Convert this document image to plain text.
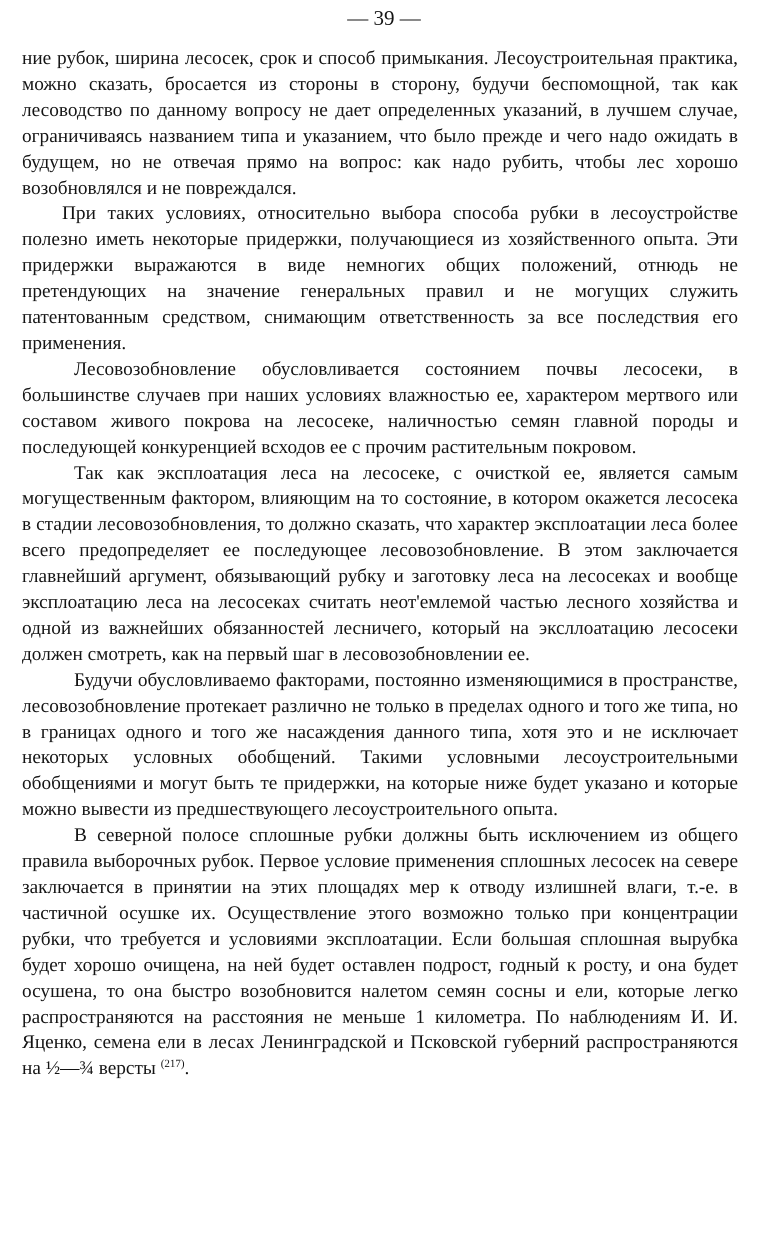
— 39 —

ние рубок, ширина лесосек, срок и способ примыкания. Лесоустроительная практика, можно сказать, бросается из стороны в сторону, будучи беспомощной, так как лесоводство по данному вопросу не дает определенных указаний, в лучшем случае, ограничиваясь названием типа и указанием, что было прежде и чего надо ожидать в будущем, но не отвечая прямо на вопрос: как надо рубить, чтобы лес хорошо возобновлялся и не повреждался.

При таких условиях, относительно выбора способа рубки в лесоустройстве полезно иметь некоторые придержки, получающиеся из хозяйственного опыта. Эти придержки выражаются в виде немногих общих положений, отнюдь не претендующих на значение генеральных правил и не могущих служить патентованным средством, снимающим ответственность за все последствия его применения.

Лесовозобновление обусловливается состоянием почвы лесосеки, в большинстве случаев при наших условиях влажностью ее, характером мертвого или составом живого покрова на лесосеке, наличностью семян главной породы и последующей конкуренцией всходов ее с прочим растительным покровом.

Так как эксплоатация леса на лесосеке, с очисткой ее, является самым могущественным фактором, влияющим на то состояние, в котором окажется лесосека в стадии лесовозобновления, то должно сказать, что характер эксплоатации леса более всего предопределяет ее последующее лесовозобновление. В этом заключается главнейший аргумент, обязывающий рубку и заготовку леса на лесосеках и вообще эксплоатацию леса на лесосеках считать неот'емлемой частью лесного хозяйства и одной из важнейших обязанностей лесничего, который на эксллоатацию лесосеки должен смотреть, как на первый шаг в лесовозобновлении ее.

Будучи обусловливаемо факторами, постоянно изменяющимися в пространстве, лесовозобновление протекает различно не только в пределах одного и того же типа, но в границах одного и того же насаждения данного типа, хотя это и не исключает некоторых условных обобщений. Такими условными лесоустроительными обобщениями и могут быть те придержки, на которые ниже будет указано и которые можно вывести из предшествующего лесоустроительного опыта.

В северной полосе сплошные рубки должны быть исключением из общего правила выборочных рубок. Первое условие применения сплошных лесосек на севере заключается в принятии на этих площадях мер к отводу излишней влаги, т.-е. в частичной осушке их. Осуществление этого возможно только при концентрации рубки, что требуется и условиями эксплоатации. Если большая сплошная вырубка будет хорошо очищена, на ней будет оставлен подрост, годный к росту, и она будет осушена, то она быстро возобновится налетом семян сосны и ели, которые легко распространяются на расстояния не меньше 1 километра. По наблюдениям И. И. Яценко, семена ели в лесах Ленинградской и Псковской губерний распространяются на ½—¾ версты $^{(217)}$.
